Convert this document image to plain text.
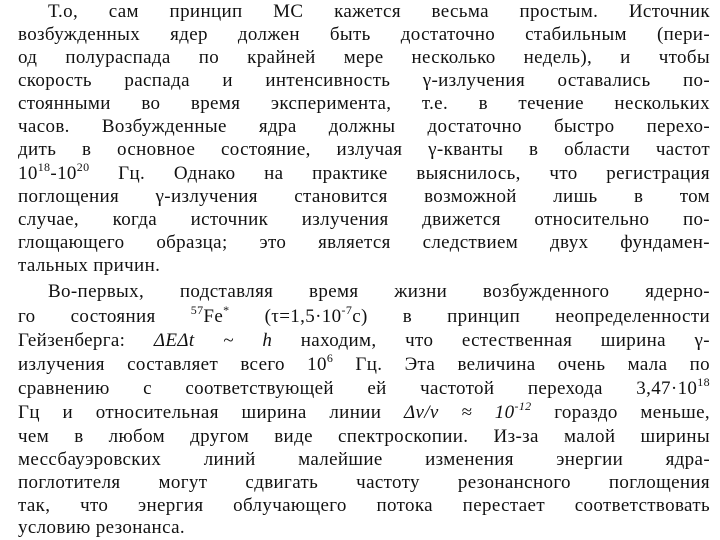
Т.о, сам принцип МС кажется весьма простым. Источник
возбужденных ядер должен быть достаточно стабильным (пери-
од полураспада по крайней мере несколько недель), и чтобы
скорость распада и интенсивность γ-излучения оставались по-
стоянными во время эксперимента, т.е. в течение нескольких
часов. Возбужденные ядра должны достаточно быстро перехо-
дить в основное состояние, излучая γ-кванты в области частот
$10^{18}-10^{20}$ Гц. Однако на практике выяснилось, что регистрация
поглощения γ-излучения становится возможной лишь в том
случае, когда источник излучения движется относительно по-
глощающего образца; это является следствием двух фундамен-
тальных причин.
Во-первых, подставляя время жизни возбужденного ядерно-
го состояния $^{57}$Fe* $(\tau=1,5\cdot 10^{-7}с)$ в принцип неопределенности
Гейзенберга: ΔEΔt ~ h находим, что естественная ширина γ-
излучения составляет всего $10^6$ Гц. Эта величина очень мала по
сравнению с соответствующей ей частотой перехода $3,47\cdot 10^{18}$
Гц и относительная ширина линии $\Delta\nu/\nu \approx 10^{-12}$ гораздо меньше,
чем в любом другом виде спектроскопии. Из-за малой ширины
мессбауэровских линий малейшие изменения энергии ядра-
поглотителя могут сдвигать частоту резонансного поглощения
так, что энергия облучающего потока перестает соответствовать
условию резонанса.
